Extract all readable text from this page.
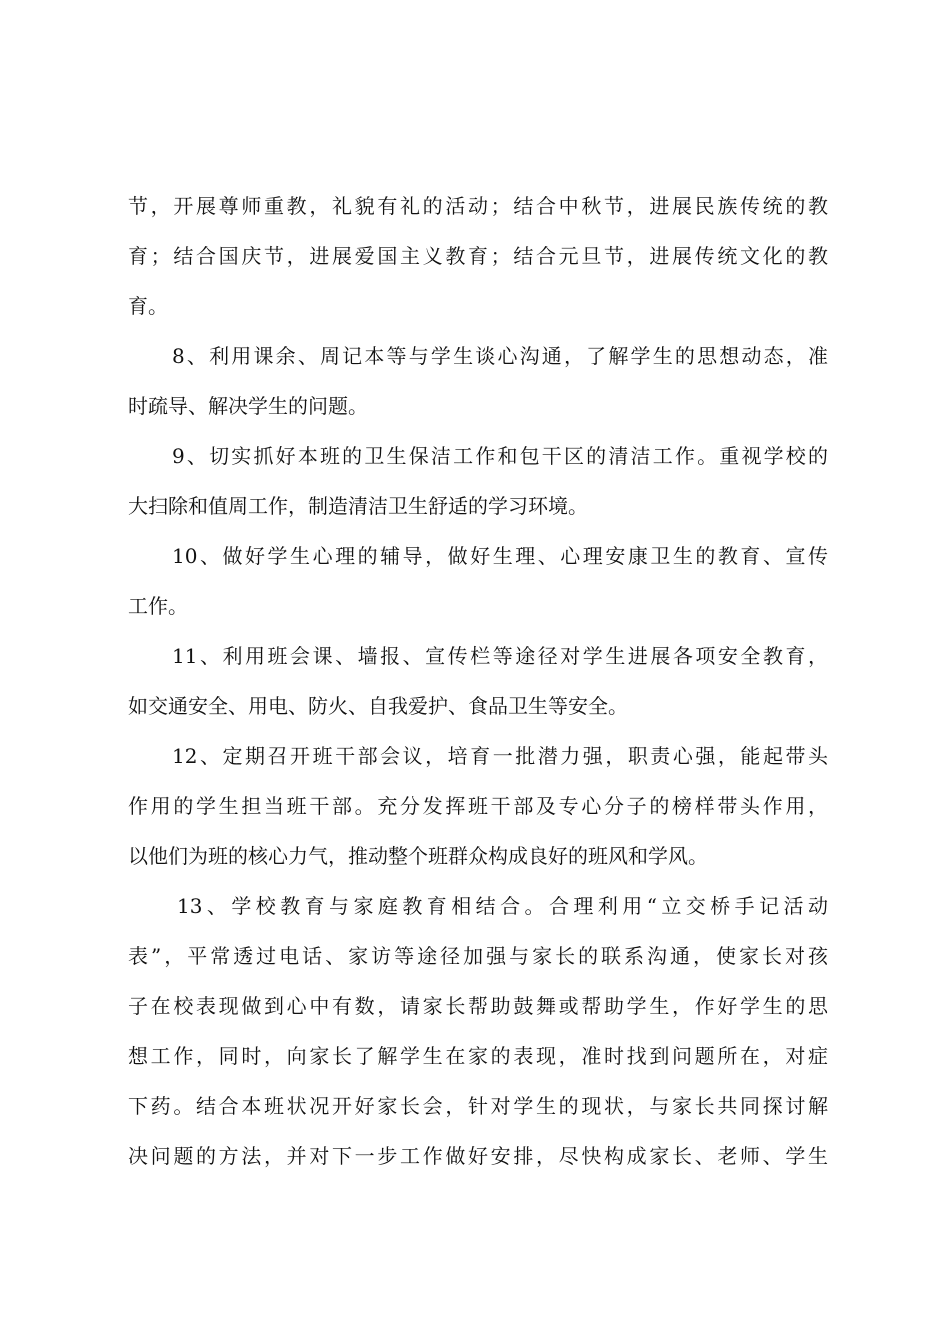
节，开展尊师重教，礼貌有礼的活动；结合中秋节，进展民族传统的教
育；结合国庆节，进展爱国主义教育；结合元旦节，进展传统文化的教
育。
8、利用课余、周记本等与学生谈心沟通，了解学生的思想动态，准
时疏导、解决学生的问题。
9、切实抓好本班的卫生保洁工作和包干区的清洁工作。重视学校的
大扫除和值周工作，制造清洁卫生舒适的学习环境。
10、做好学生心理的辅导，做好生理、心理安康卫生的教育、宣传
工作。
11、利用班会课、墙报、宣传栏等途径对学生进展各项安全教育，
如交通安全、用电、防火、自我爱护、食品卫生等安全。
12、定期召开班干部会议，培育一批潜力强，职责心强，能起带头
作用的学生担当班干部。充分发挥班干部及专心分子的榜样带头作用，
以他们为班的核心力气，推动整个班群众构成良好的班风和学风。
13、学校教育与家庭教育相结合。合理利用“立交桥手记活动
表”，平常透过电话、家访等途径加强与家长的联系沟通，使家长对孩
子在校表现做到心中有数，请家长帮助鼓舞或帮助学生，作好学生的思
想工作，同时，向家长了解学生在家的表现，准时找到问题所在，对症
下药。结合本班状况开好家长会，针对学生的现状，与家长共同探讨解
决问题的方法，并对下一步工作做好安排，尽快构成家长、老师、学生
